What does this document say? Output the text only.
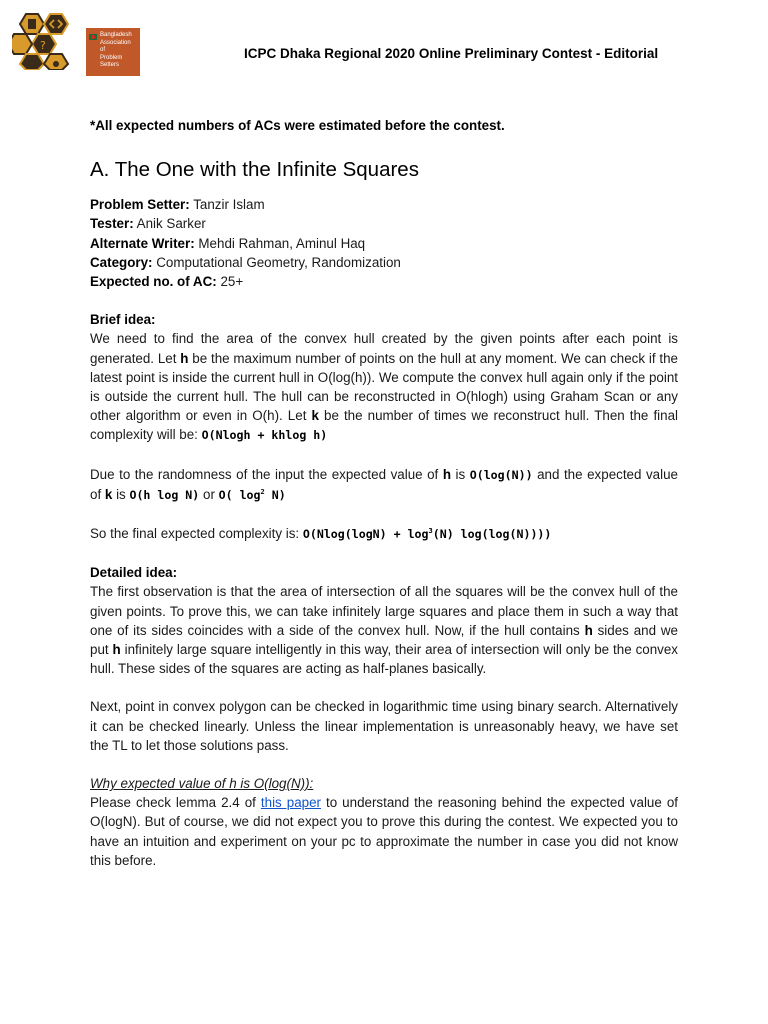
?
Bangladesh
Association
of
Problem
Setters
ICPC Dhaka Regional 2020 Online Preliminary Contest - Editorial

*All expected numbers of ACs were estimated before the contest.

A. The One with the Infinite Squares

Problem Setter: Tanzir Islam

Tester: Anik Sarker

Alternate Writer: Mehdi Rahman, Aminul Haq

Category: Computational Geometry, Randomization

Expected no. of AC: 25+

Brief idea:

We need to find the area of the convex hull created by the given points after each point is generated. Let h be the maximum number of points on the hull at any moment. We can check if the latest point is inside the current hull in O(log(h)). We compute the convex hull again only if the point is outside the current hull. The hull can be reconstructed in O(hlogh) using Graham Scan or any other algorithm or even in O(h). Let k be the number of times we reconstruct hull. Then the final complexity will be: O(Nlogh + khlog h)

Due to the randomness of the input the expected value of h is O(log(N)) and the expected value of k is O(h log N) or O( $\log^2 N$)

So the final expected complexity is: $O(Nlog(\log N) + \log^3(N)$ log(log(N))))

Detailed idea:

The first observation is that the area of intersection of all the squares will be the convex hull of the given points. To prove this, we can take infinitely large squares and place them in such a way that one of its sides coincides with a side of the convex hull. Now, if the hull contains h sides and we put h infinitely large square intelligently in this way, their area of intersection will only be the convex hull. These sides of the squares are acting as half-planes basically.

Next, point in convex polygon can be checked in logarithmic time using binary search. Alternatively it can be checked linearly. Unless the linear implementation is unreasonably heavy, we have set the TL to let those solutions pass.

Why expected value of h is O(log(N)):

Please check lemma 2.4 of this paper to understand the reasoning behind the expected value of O(logN). But of course, we did not expect you to prove this during the contest. We expected you to have an intuition and experiment on your pc to approximate the number in case you did not know this before.
